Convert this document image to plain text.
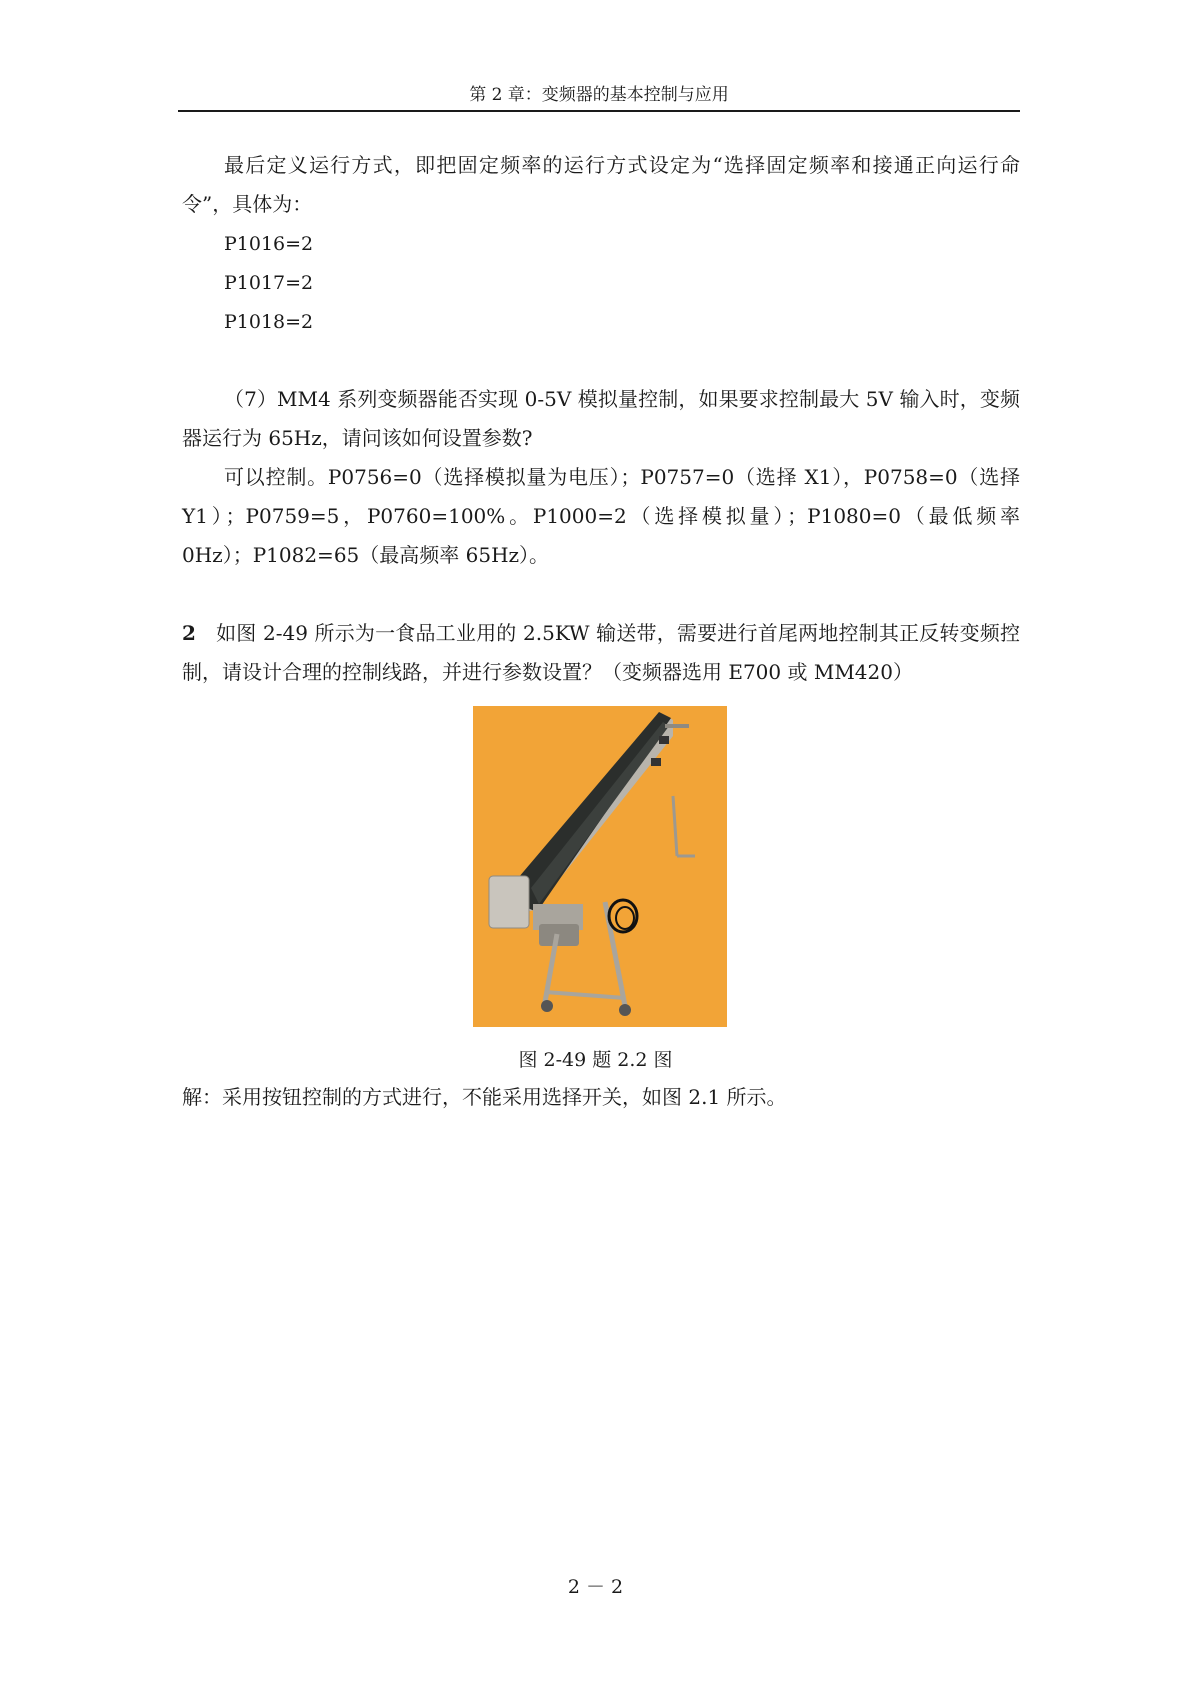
第 2 章：变频器的基本控制与应用

最后定义运行方式，即把固定频率的运行方式设定为“选择固定频率和接通正向运行命令”，具体为：

P1016=2
P1017=2
P1018=2

（7）MM4 系列变频器能否实现 0-5V 模拟量控制，如果要求控制最大 5V 输入时，变频器运行为 65Hz，请问该如何设置参数?

可以控制。P0756=0（选择模拟量为电压）；P0757=0（选择 X1），P0758=0（选择 Y1）；P0759=5，P0760=100%。P1000=2（选择模拟量）；P1080=0（最低频率 0Hz）；P1082=65（最高频率 65Hz）。

2 如图 2-49 所示为一食品工业用的 2.5KW 输送带，需要进行首尾两地控制其正反转变频控制，请设计合理的控制线路，并进行参数设置？（变频器选用 E700 或 MM420）

图 2-49 题 2.2 图

解：采用按钮控制的方式进行，不能采用选择开关，如图 2.1 所示。

2 － 2
